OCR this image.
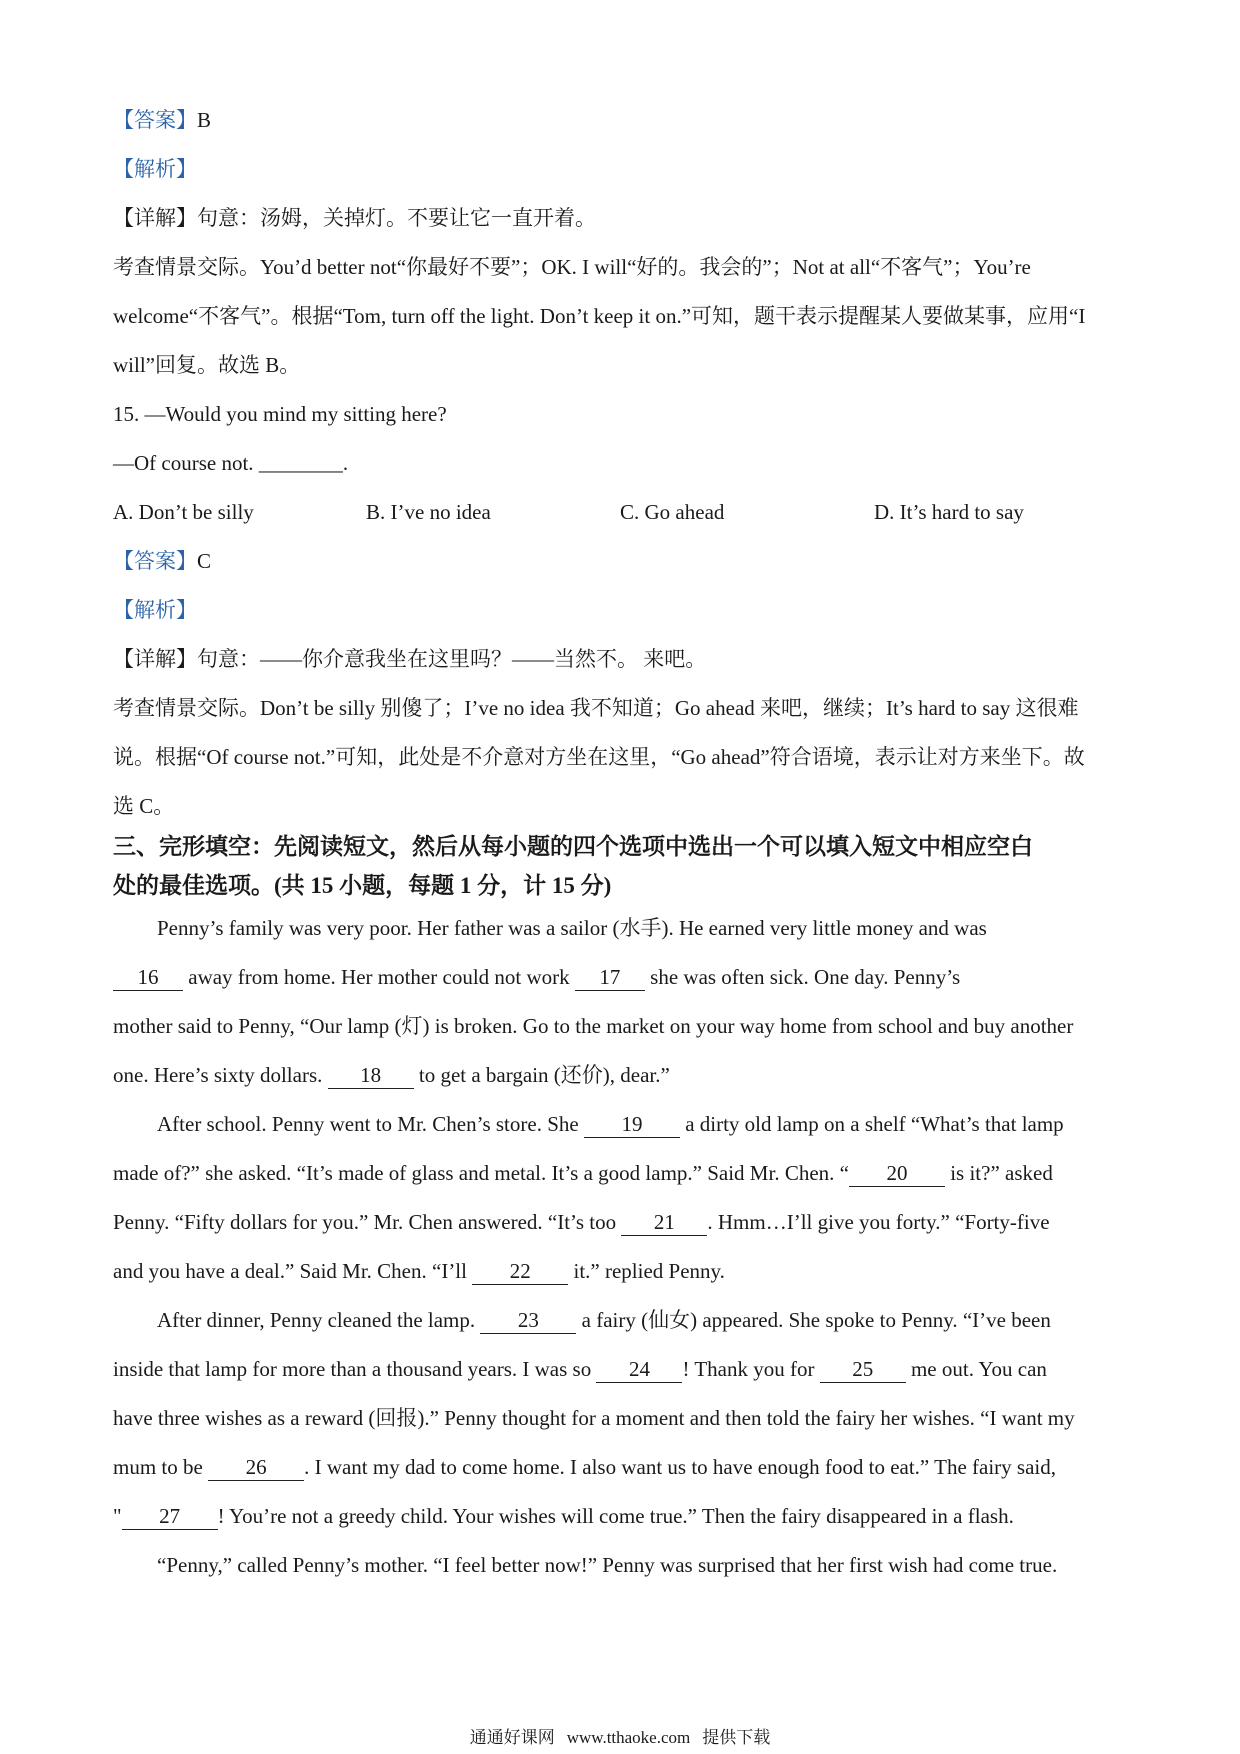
【答案】B
【解析】
【详解】句意：汤姆，关掉灯。不要让它一直开着。
考查情景交际。You’d better not“你最好不要”；OK. I will“好的。我会的”；Not at all“不客气”；You’re
welcome“不客气”。根据“Tom, turn off the light. Don’t keep it on.”可知，题干表示提醒某人要做某事，应用“I
will”回复。故选 B。
15. —Would you mind my sitting here?
—Of course not. ________.
A. Don’t be silly	B. I’ve no idea	C. Go ahead	D. It’s hard to say
【答案】C
【解析】
【详解】句意：——你介意我坐在这里吗？——当然不。 来吧。
考查情景交际。Don’t be silly 别傻了；I’ve no idea 我不知道；Go ahead 来吧，继续；It’s hard to say 这很难
说。根据“Of course not.”可知，此处是不介意对方坐在这里，“Go ahead”符合语境，表示让对方来坐下。故
选 C。
三、完形填空：先阅读短文，然后从每小题的四个选项中选出一个可以填入短文中相应空白
处的最佳选项。(共 15 小题，每题 1 分，计 15 分)
Penny’s family was very poor. Her father was a sailor (水手). He earned very little money and was
16 away from home. Her mother could not work 17 she was often sick. One day. Penny’s
mother said to Penny, “Our lamp (灯) is broken. Go to the market on your way home from school and buy another
one. Here’s sixty dollars. 18 to get a bargain (还价), dear.”
After school. Penny went to Mr. Chen’s store. She 19 a dirty old lamp on a shelf “What’s that lamp
made of?” she asked. “It’s made of glass and metal. It’s a good lamp.” Said Mr. Chen. “ 20 is it?” asked
Penny. “Fifty dollars for you.” Mr. Chen answered. “It’s too 21 . Hmm…I’ll give you forty.” “Forty-five
and you have a deal.” Said Mr. Chen. “I’ll 22 it.” replied Penny.
After dinner, Penny cleaned the lamp. 23 a fairy (仙女) appeared. She spoke to Penny. “I’ve been
inside that lamp for more than a thousand years. I was so 24 ! Thank you for 25 me out. You can
have three wishes as a reward (回报).” Penny thought for a moment and then told the fairy her wishes. “I want my
mum to be 26 . I want my dad to come home. I also want us to have enough food to eat.” The fairy said,
" 27 ! You’re not a greedy child. Your wishes will come true.” Then the fairy disappeared in a flash.
“Penny,” called Penny’s mother. “I feel better now!” Penny was surprised that her first wish had come true.
通通好课网 www.tthaoke.com 提供下载
